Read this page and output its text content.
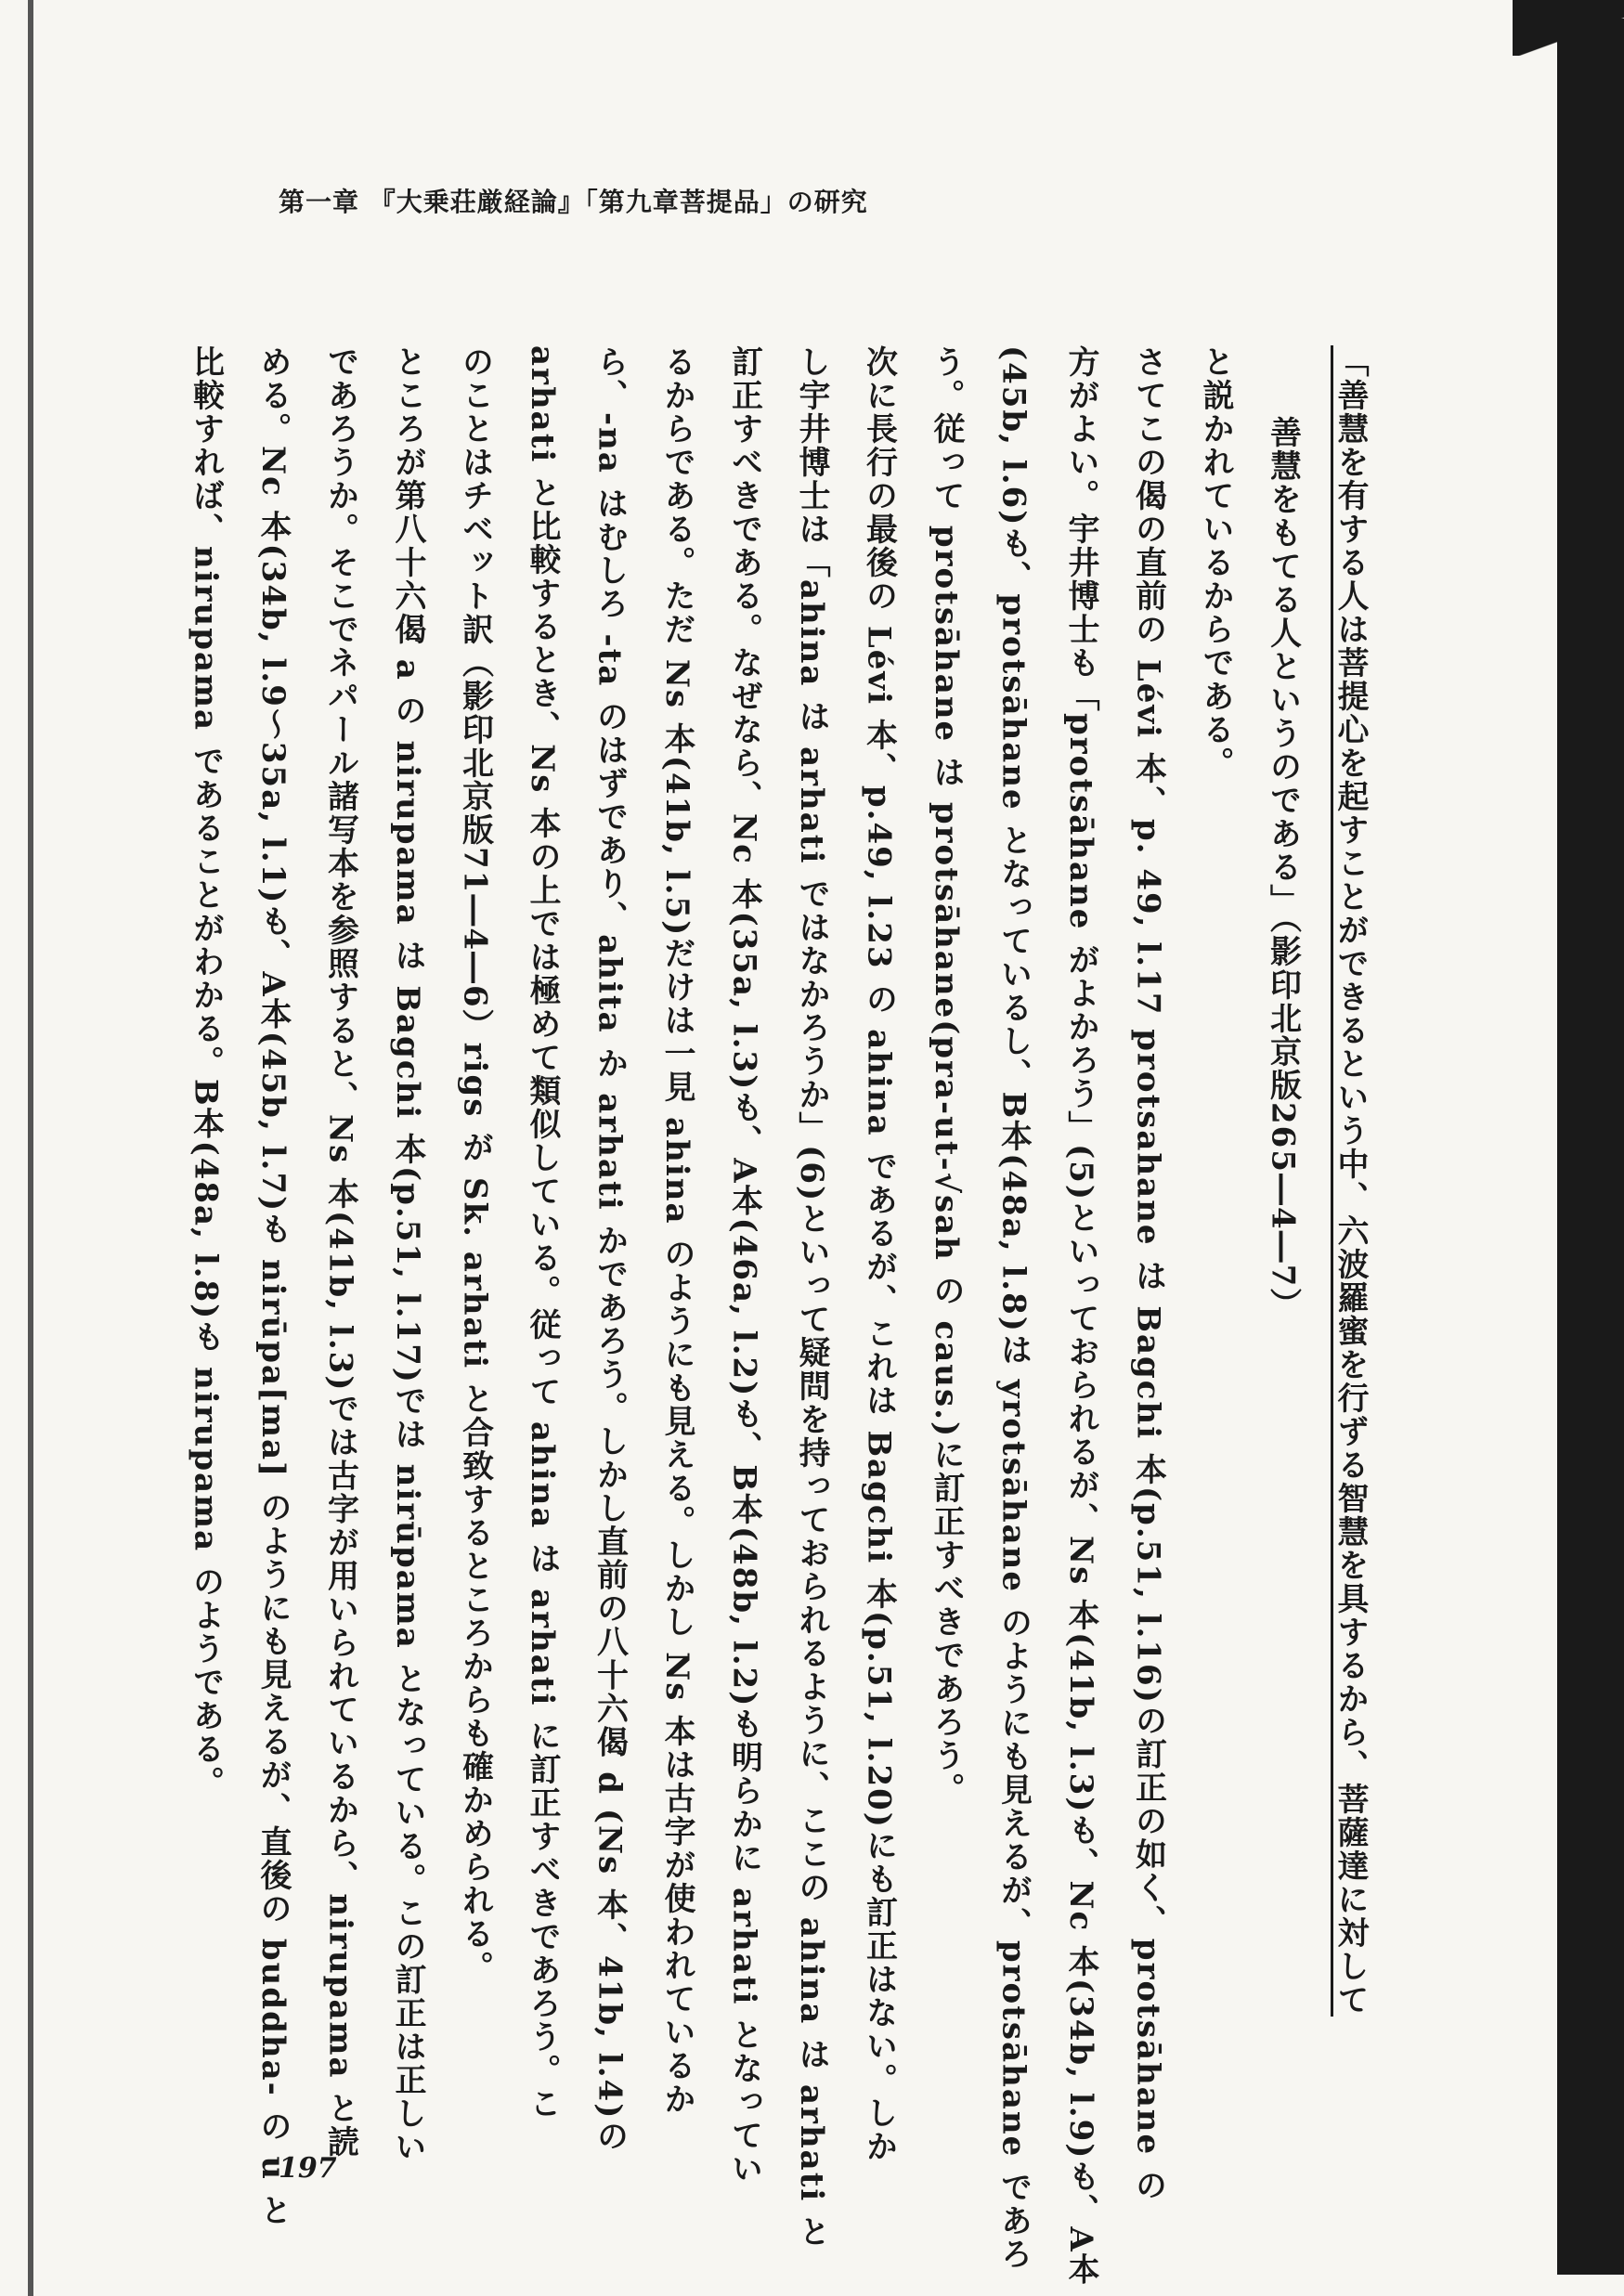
第一章 『大乗荘厳経論』「第九章菩提品」の研究
「善慧を有する人は菩提心を起すことができるという中、六波羅蜜を行ずる智慧を具するから、菩薩達に対して
善慧をもてる人というのである」（影印北京版265―4―7）
と説かれているからである。
さてこの偈の直前の Lévi 本、p. 49, l.17 protsahane は Bagchi 本(p.51, l.16)の訂正の如く、protsāhane の
方がよい。宇井博士も「protsāhane がよかろう」(5)といっておられるが、Ns 本(41b, l.3)も、Nc 本(34b, l.9)も、A本
(45b, l.6)も、protsāhane となっているし、B本(48a, l.8)は yrotsāhane のようにも見えるが、protsāhane であろ
う。従って protsāhane は protsāhane(pra-ut-√sah の caus.)に訂正すべきであろう。
次に長行の最後の Lévi 本、p.49, l.23 の ahina であるが、これは Bagchi 本(p.51, l.20)にも訂正はない。しか
し宇井博士は「ahina は arhati ではなかろうか」(6)といって疑問を持っておられるように、ここの ahina は arhati と
訂正すべきである。なぜなら、Nc 本(35a, l.3)も、A本(46a, l.2)も、B本(48b, l.2)も明らかに arhati となってい
るからである。ただ Ns 本(41b, l.5)だけは一見 ahina のようにも見える。しかし Ns 本は古字が使われているか
ら、-na はむしろ -ta のはずであり、ahita か arhati かであろう。しかし直前の八十六偈 d (Ns 本、41b, l.4)の
arhati と比較するとき、Ns 本の上では極めて類似している。従って ahina は arhati に訂正すべきであろう。こ
のことはチベット訳（影印北京版71―4―6）rigs が Sk. arhati と合致するところからも確かめられる。
ところが第八十六偈 a の nirupama は Bagchi 本(p.51, l.17)では nirūpama となっている。この訂正は正しい
であろうか。そこでネパール諸写本を参照すると、Ns 本(41b, l.3)では古字が用いられているから、nirupama と読
める。Nc 本(34b, l.9〜35a, l.1)も、A本(45b, l.7)も nirūpa[ma] のようにも見えるが、直後の buddha- の u と
比較すれば、nirupama であることがわかる。B本(48a, l.8)も nirupama のようである。
197
